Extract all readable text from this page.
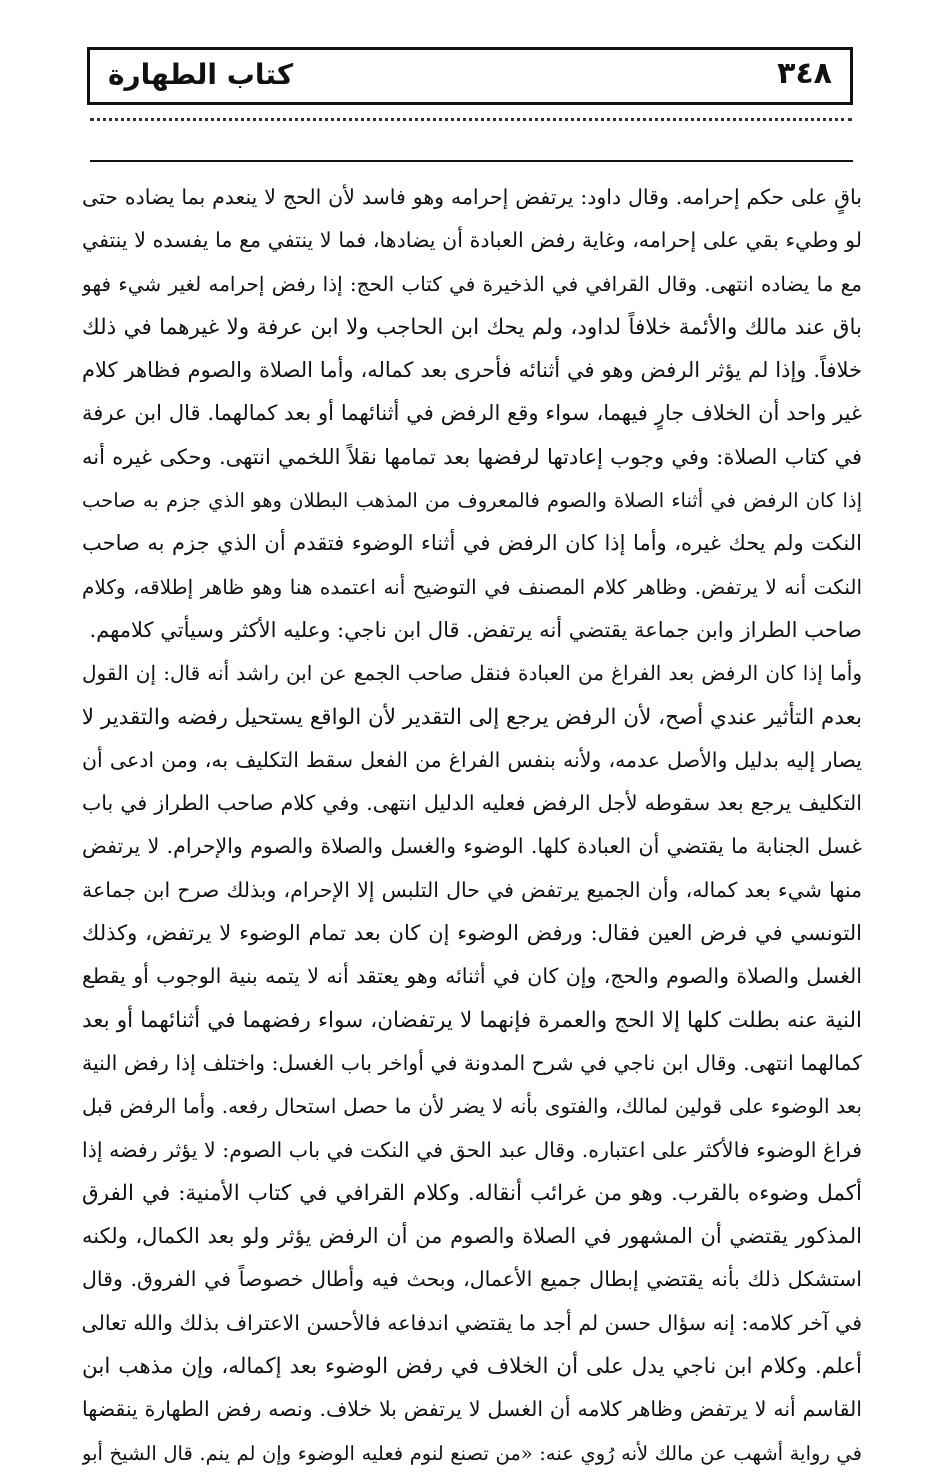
٣٤٨
كتاب الطهارة
باقٍ على حكم إحرامه. وقال داود: يرتفض إحرامه وهو فاسد لأن الحج لا ينعدم بما يضاده حتى
لو وطيء بقي على إحرامه، وغاية رفض العبادة أن يضادها، فما لا ينتفي مع ما يفسده لا ينتفي
مع ما يضاده انتهى. وقال القرافي في الذخيرة في كتاب الحج: إذا رفض إحرامه لغير شيء فهو
باق عند مالك والأئمة خلافاً لداود، ولم يحك ابن الحاجب ولا ابن عرفة ولا غيرهما في ذلك
خلافاً. وإذا لم يؤثر الرفض وهو في أثنائه فأحرى بعد كماله، وأما الصلاة والصوم فظاهر كلام
غير واحد أن الخلاف جارٍ فيهما، سواء وقع الرفض في أثنائهما أو بعد كمالهما. قال ابن عرفة
في كتاب الصلاة: وفي وجوب إعادتها لرفضها بعد تمامها نقلاً اللخمي انتهى. وحكى غيره أنه
إذا كان الرفض في أثناء الصلاة والصوم فالمعروف من المذهب البطلان وهو الذي جزم به صاحب
النكت ولم يحك غيره، وأما إذا كان الرفض في أثناء الوضوء فتقدم أن الذي جزم به صاحب
النكت أنه لا يرتفض. وظاهر كلام المصنف في التوضيح أنه اعتمده هنا وهو ظاهر إطلاقه، وكلام
صاحب الطراز وابن جماعة يقتضي أنه يرتفض. قال ابن ناجي: وعليه الأكثر وسيأتي كلامهم.
وأما إذا كان الرفض بعد الفراغ من العبادة فنقل صاحب الجمع عن ابن راشد أنه قال: إن القول
بعدم التأثير عندي أصح، لأن الرفض يرجع إلى التقدير لأن الواقع يستحيل رفضه والتقدير لا
يصار إليه بدليل والأصل عدمه، ولأنه بنفس الفراغ من الفعل سقط التكليف به، ومن ادعى أن
التكليف يرجع بعد سقوطه لأجل الرفض فعليه الدليل انتهى. وفي كلام صاحب الطراز في باب
غسل الجنابة ما يقتضي أن العبادة كلها. الوضوء والغسل والصلاة والصوم والإحرام. لا يرتفض
منها شيء بعد كماله، وأن الجميع يرتفض في حال التلبس إلا الإحرام، وبذلك صرح ابن جماعة
التونسي في فرض العين فقال: ورفض الوضوء إن كان بعد تمام الوضوء لا يرتفض، وكذلك
الغسل والصلاة والصوم والحج، وإن كان في أثنائه وهو يعتقد أنه لا يتمه بنية الوجوب أو يقطع
النية عنه بطلت كلها إلا الحج والعمرة فإنهما لا يرتفضان، سواء رفضهما في أثنائهما أو بعد
كمالهما انتهى. وقال ابن ناجي في شرح المدونة في أواخر باب الغسل: واختلف إذا رفض النية
بعد الوضوء على قولين لمالك، والفتوى بأنه لا يضر لأن ما حصل استحال رفعه. وأما الرفض قبل
فراغ الوضوء فالأكثر على اعتباره. وقال عبد الحق في النكت في باب الصوم: لا يؤثر رفضه إذا
أكمل وضوءه بالقرب. وهو من غرائب أنقاله. وكلام القرافي في كتاب الأمنية: في الفرق
المذكور يقتضي أن المشهور في الصلاة والصوم من أن الرفض يؤثر ولو بعد الكمال، ولكنه
استشكل ذلك بأنه يقتضي إبطال جميع الأعمال، وبحث فيه وأطال خصوصاً في الفروق. وقال
في آخر كلامه: إنه سؤال حسن لم أجد ما يقتضي اندفاعه فالأحسن الاعتراف بذلك والله تعالى
أعلم. وكلام ابن ناجي يدل على أن الخلاف في رفض الوضوء بعد إكماله، وإن مذهب ابن
القاسم أنه لا يرتفض وظاهر كلامه أن الغسل لا يرتفض بلا خلاف. ونصه رفض الطهارة ينقضها
في رواية أشهب عن مالك لأنه رُوي عنه: «من تصنع لنوم فعليه الوضوء وإن لم ينم. قال الشيخ أبو
